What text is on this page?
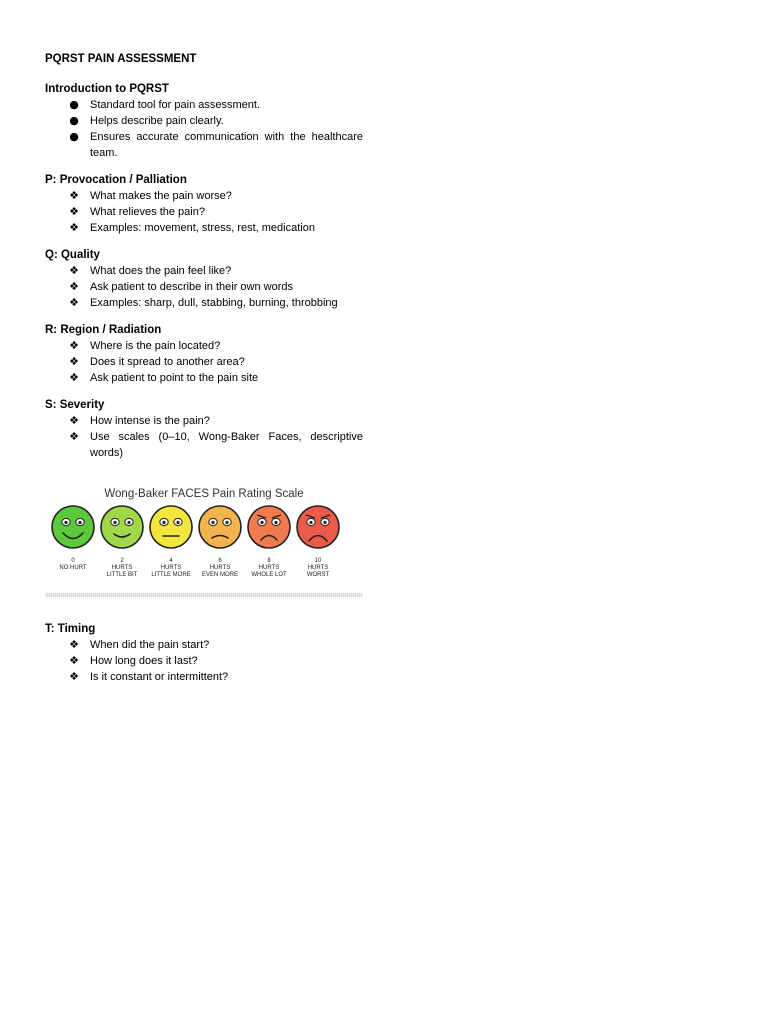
PQRST PAIN ASSESSMENT
Introduction to PQRST
● Standard tool for pain assessment.
● Helps describe pain clearly.
● Ensures accurate communication with the healthcare team.
P: Provocation / Palliation
❖ What makes the pain worse?
❖ What relieves the pain?
❖ Examples: movement, stress, rest, medication
Q: Quality
❖ What does the pain feel like?
❖ Ask patient to describe in their own words
❖ Examples: sharp, dull, stabbing, burning, throbbing
R: Region / Radiation
❖ Where is the pain located?
❖ Does it spread to another area?
❖ Ask patient to point to the pain site
S: Severity
❖ How intense is the pain?
❖ Use scales (0–10, Wong-Baker Faces, descriptive words)
Wong-Baker FACES Pain Rating Scale
0
NO HURT
2
HURTS
LITTLE BIT
4
HURTS
LITTLE MORE
6
HURTS
EVEN MORE
8
HURTS
WHOLE LOT
10
HURTS
WORST
T: Timing
❖ When did the pain start?
❖ How long does it last?
❖ Is it constant or intermittent?
